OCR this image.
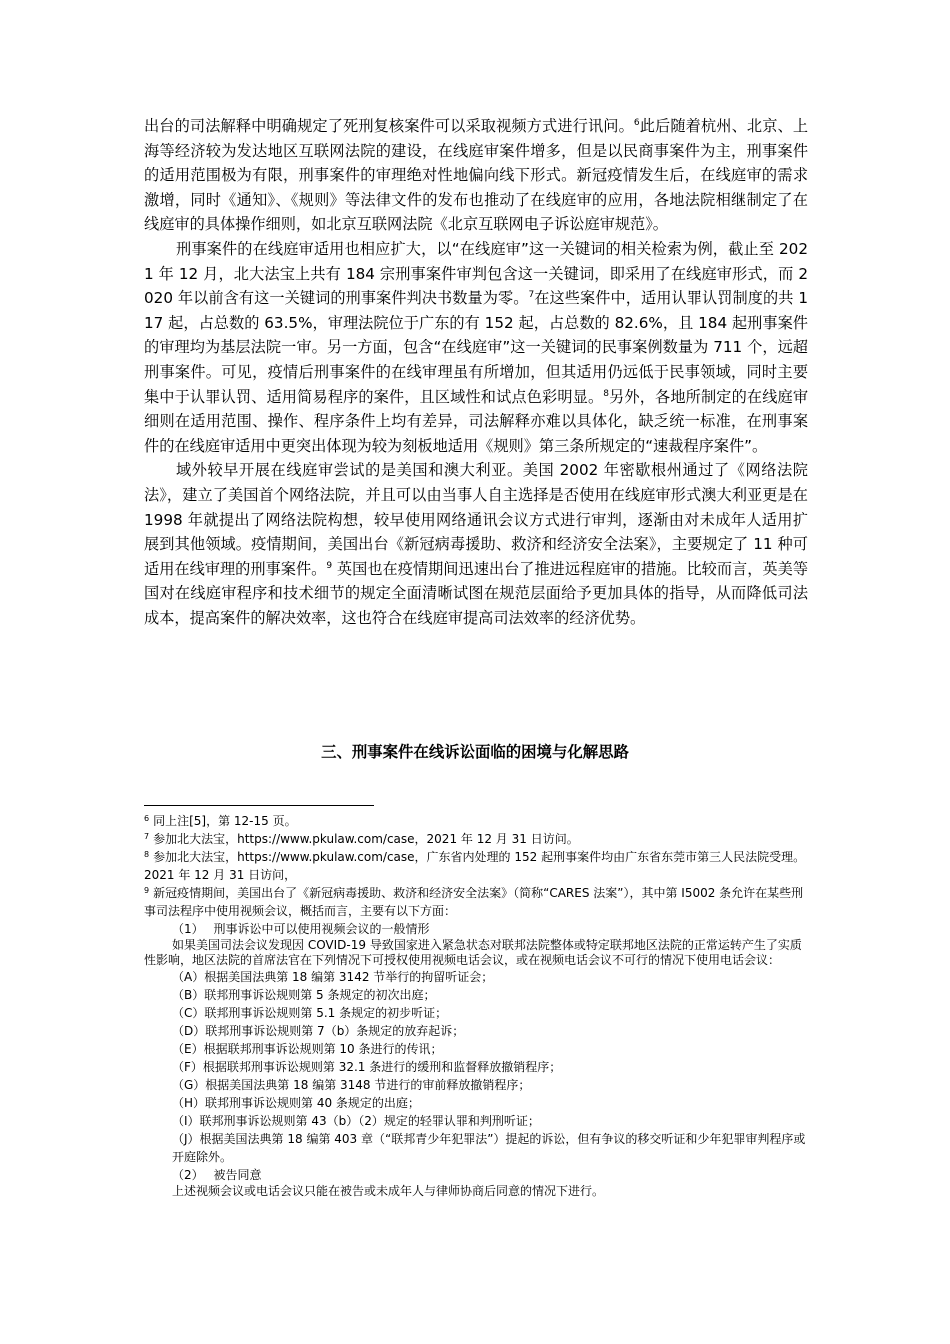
出台的司法解释中明确规定了死刑复核案件可以采取视频方式进行讯问。$^6$此后随着杭州、北京、上海等经济较为发达地区互联网法院的建设，在线庭审案件增多，但是以民商事案件为主，刑事案件的适用范围极为有限，刑事案件的审理绝对性地偏向线下形式。新冠疫情发生后，在线庭审的需求激增，同时《通知》、《规则》等法律文件的发布也推动了在线庭审的应用，各地法院相继制定了在线庭审的具体操作细则，如北京互联网法院《北京互联网电子诉讼庭审规范》。

刑事案件的在线庭审适用也相应扩大，以“在线庭审”这一关键词的相关检索为例，截止至 2021 年 12 月，北大法宝上共有 184 宗刑事案件审判包含这一关键词，即采用了在线庭审形式，而 2020 年以前含有这一关键词的刑事案件判决书数量为零。$^7$在这些案件中，适用认罪认罚制度的共 117 起，占总数的 63.5%，审理法院位于广东的有 152 起，占总数的 82.6%，且 184 起刑事案件的审理均为基层法院一审。另一方面，包含“在线庭审”这一关键词的民事案例数量为 711 个，远超刑事案件。可见，疫情后刑事案件的在线审理虽有所增加，但其适用仍远低于民事领域，同时主要集中于认罪认罚、适用简易程序的案件，且区域性和试点色彩明显。$^8$另外，各地所制定的在线庭审细则在适用范围、操作、程序条件上均有差异，司法解释亦难以具体化，缺乏统一标准，在刑事案件的在线庭审适用中更突出体现为较为刻板地适用《规则》第三条所规定的“速裁程序案件”。

域外较早开展在线庭审尝试的是美国和澳大利亚。美国 2002 年密歇根州通过了《网络法院法》，建立了美国首个网络法院，并且可以由当事人自主选择是否使用在线庭审形式澳大利亚更是在 1998 年就提出了网络法院构想，较早使用网络通讯会议方式进行审判，逐渐由对未成年人适用扩展到其他领域。疫情期间，美国出台《新冠病毒援助、救济和经济安全法案》，主要规定了 11 种可适用在线审理的刑事案件。$^9$ 英国也在疫情期间迅速出台了推进远程庭审的措施。比较而言，英美等国对在线庭审程序和技术细节的规定全面清晰试图在规范层面给予更加具体的指导，从而降低司法成本，提高案件的解决效率，这也符合在线庭审提高司法效率的经济优势。

三、刑事案件在线诉讼面临的困境与化解思路

$^6$ 同上注[5]，第 12-15 页。

$^7$ 参加北大法宝，https://www.pkulaw.com/case，2021 年 12 月 31 日访问。

$^8$ 参加北大法宝，https://www.pkulaw.com/case，广东省内处理的 152 起刑事案件均由广东省东莞市第三人民法院受理。2021 年 12 月 31 日访问，

$^9$ 新冠疫情期间，美国出台了《新冠病毒援助、救济和经济安全法案》（简称“CARES 法案”），其中第 I5002 条允许在某些刑事司法程序中使用视频会议，概括而言，主要有以下方面：

（1）　 刑事诉讼中可以使用视频会议的一般情形

如果美国司法会议发现因 COVID-19 导致国家进入紧急状态对联邦法院整体或特定联邦地区法院的正常运转产生了实质性影响，地区法院的首席法官在下列情况下可授权使用视频电话会议，或在视频电话会议不可行的情况下使用电话会议：

（A）根据美国法典第 18 编第 3142 节举行的拘留听证会；

（B）联邦刑事诉讼规则第 5 条规定的初次出庭；

（C）联邦刑事诉讼规则第 5.1 条规定的初步听证；

（D）联邦刑事诉讼规则第 7（b）条规定的放弃起诉；

（E）根据联邦刑事诉讼规则第 10 条进行的传讯；

（F）根据联邦刑事诉讼规则第 32.1 条进行的缓刑和监督释放撤销程序；

（G）根据美国法典第 18 编第 3148 节进行的审前释放撤销程序；

（H）联邦刑事诉讼规则第 40 条规定的出庭；

（I）联邦刑事诉讼规则第 43（b）（2）规定的轻罪认罪和判刑听证；

（J）根据美国法典第 18 编第 403 章（“联邦青少年犯罪法”）提起的诉讼，但有争议的移交听证和少年犯罪审判程序或开庭除外。

（2）　 被告同意

上述视频会议或电话会议只能在被告或未成年人与律师协商后同意的情况下进行。
